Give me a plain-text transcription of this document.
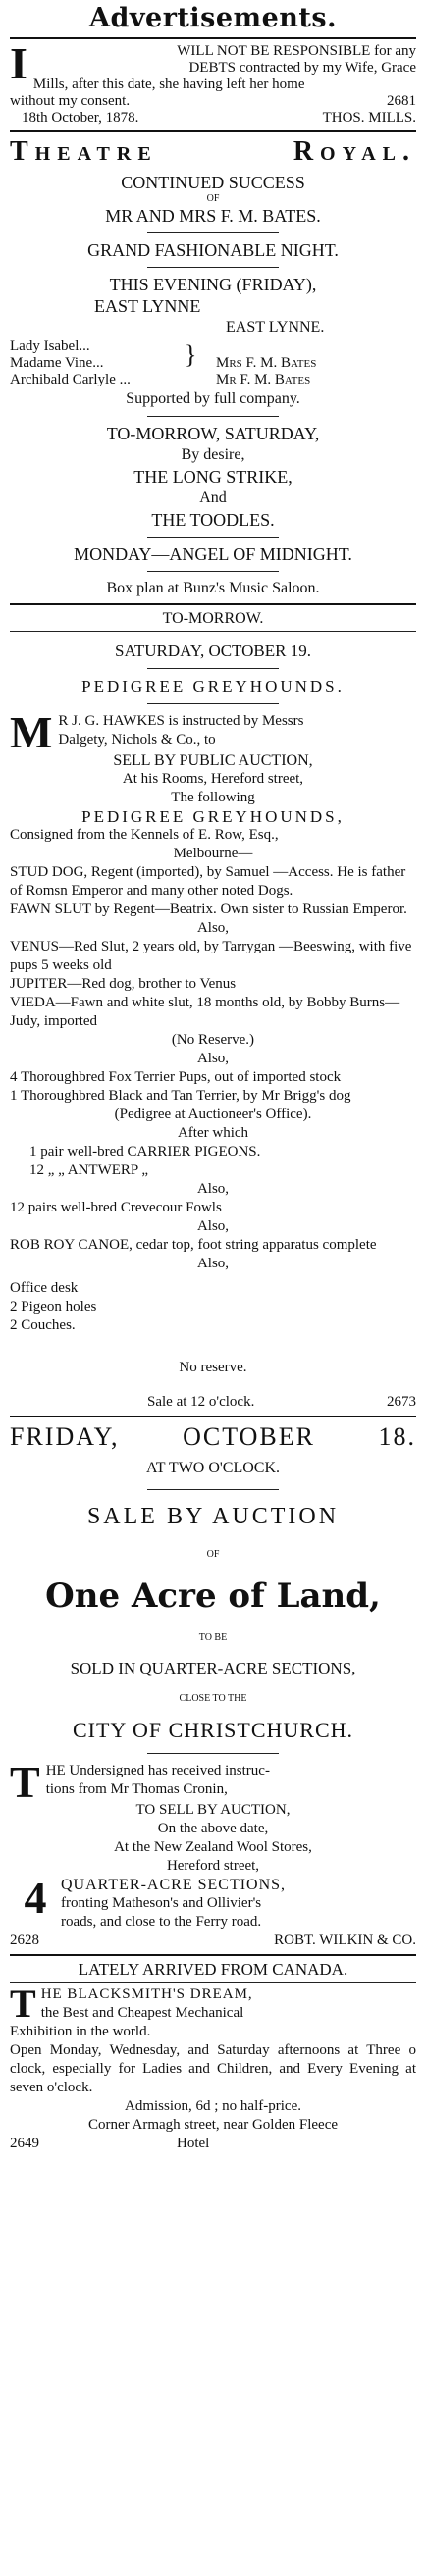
Advertisements.
I	WILL NOT BE RESPONSIBLE for any

DEBTS contracted by my Wife, Grace

Mills, after this date, she having left her home

without my consent.	2681
18th October, 1878.	THOS. MILLS.
Theatre Royal.

CONTINUED SUCCESS

OF

MR AND MRS F. M. BATES.

GRAND FASHIONABLE NIGHT.

THIS EVENING (FRIDAY),

EAST LYNNE

EAST LYNNE.

Lady Isabel...
Madame Vine...	Mrs F. M. Bates
Archibald Carlyle ...	Mr F. M. Bates
}

Supported by full company.

TO-MORROW, SATURDAY,

By desire,

THE LONG STRIKE,

And

THE TOODLES.

MONDAY—ANGEL OF MIDNIGHT.

Box plan at Bunz's Music Saloon.

TO-MORROW.

SATURDAY, OCTOBER 19.

PEDIGREE GREYHOUNDS.

M R J. G. HAWKES is instructed by Messrs

Dalgety, Nichols & Co., to

SELL BY PUBLIC AUCTION,

At his Rooms, Hereford street,

The following

PEDIGREE GREYHOUNDS,

Consigned from the Kennels of E. Row, Esq.,

Melbourne—

STUD DOG, Regent (imported), by Samuel —Access. He is father of Romsn Emperor and many other noted Dogs.

FAWN SLUT by Regent—Beatrix. Own sister to Russian Emperor.

Also,

VENUS—Red Slut, 2 years old, by Tarrygan —Beeswing, with five pups 5 weeks old

JUPITER—Red dog, brother to Venus

VIEDA—Fawn and white slut, 18 months old, by Bobby Burns—Judy, imported

(No Reserve.)

Also,

4 Thoroughbred Fox Terrier Pups, out of imported stock

1 Thoroughbred Black and Tan Terrier, by Mr Brigg's dog

(Pedigree at Auctioneer's Office).

After which

1 pair well-bred CARRIER PIGEONS.

12 „ „ ANTWERP „

Also,

12 pairs well-bred Crevecour Fowls

Also,

ROB ROY CANOE, cedar top, foot string apparatus complete

Also,

Office desk

2 Pigeon holes

2 Couches.

No reserve.

Sale at 12 o'clock.	2673

FRIDAY, OCTOBER 18.

AT TWO O'CLOCK.

SALE BY AUCTION

OF

One Acre of Land,

TO BE

SOLD IN QUARTER-ACRE SECTIONS,

CLOSE TO THE

CITY OF CHRISTCHURCH.

T HE Undersigned has received instruc-

tions from Mr Thomas Cronin,

TO SELL BY AUCTION,

On the above date,

At the New Zealand Wool Stores,

Hereford street,

4 QUARTER-ACRE SECTIONS,

fronting Matheson's and Ollivier's

roads, and close to the Ferry road.

2628	ROBT. WILKIN & CO.

LATELY ARRIVED FROM CANADA.

T HE BLACKSMITH'S DREAM,

the Best and Cheapest Mechanical

Exhibition in the world.

Open Monday, Wednesday, and Saturday afternoons at Three o clock, especially for Ladies and Children, and Every Evening at seven o'clock.

Admission, 6d ; no half-price.

Corner Armagh street, near Golden Fleece

2649	Hotel
